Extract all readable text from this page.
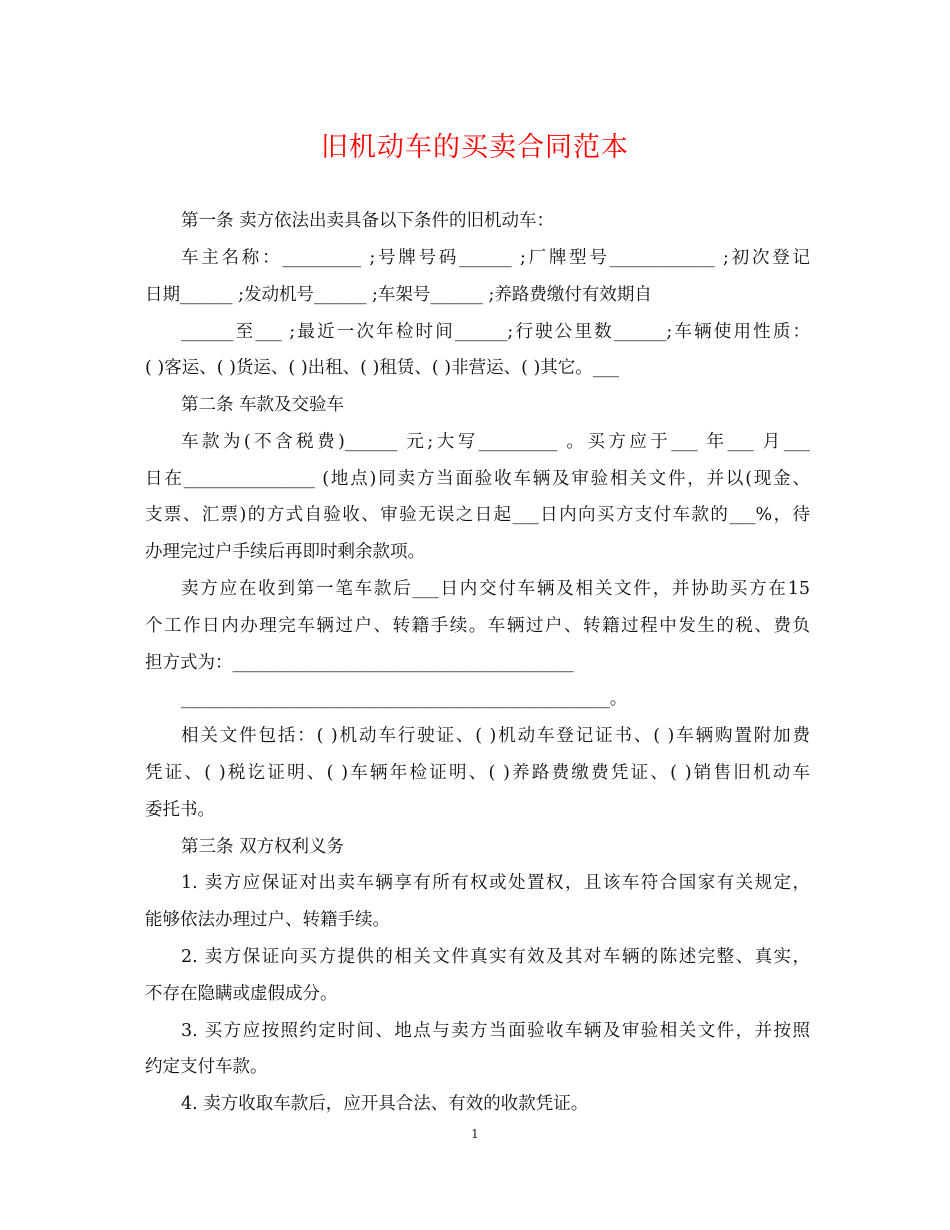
旧机动车的买卖合同范本
第一条 卖方依法出卖具备以下条件的旧机动车：
车主名称：_________ ;号牌号码______ ;厂牌型号____________ ;初次登记
日期______ ;发动机号______ ;车架号______ ;养路费缴付有效期自
______至___ ;最近一次年检时间______;行驶公里数______;车辆使用性质：
( )客运、( )货运、( )出租、( )租赁、( )非营运、( )其它。___
第二条 车款及交验车
车款为(不含税费)______ 元;大写_________ 。买方应于___ 年___ 月___
日在_______________ (地点)同卖方当面验收车辆及审验相关文件，并以(现金、
支票、汇票)的方式自验收、审验无误之日起___日内向买方支付车款的___%，待
办理完过户手续后再即时剩余款项。
卖方应在收到第一笔车款后___日内交付车辆及相关文件，并协助买方在15
个工作日内办理完车辆过户、转籍手续。车辆过户、转籍过程中发生的税、费负
担方式为：_______________________________________
_________________________________________________。
相关文件包括：( )机动车行驶证、( )机动车登记证书、( )车辆购置附加费
凭证、( )税讫证明、( )车辆年检证明、( )养路费缴费凭证、( )销售旧机动车
委托书。
第三条 双方权利义务
1. 卖方应保证对出卖车辆享有所有权或处置权，且该车符合国家有关规定，
能够依法办理过户、转籍手续。
2. 卖方保证向买方提供的相关文件真实有效及其对车辆的陈述完整、真实，
不存在隐瞒或虚假成分。
3. 买方应按照约定时间、地点与卖方当面验收车辆及审验相关文件，并按照
约定支付车款。
4. 卖方收取车款后，应开具合法、有效的收款凭证。
1
